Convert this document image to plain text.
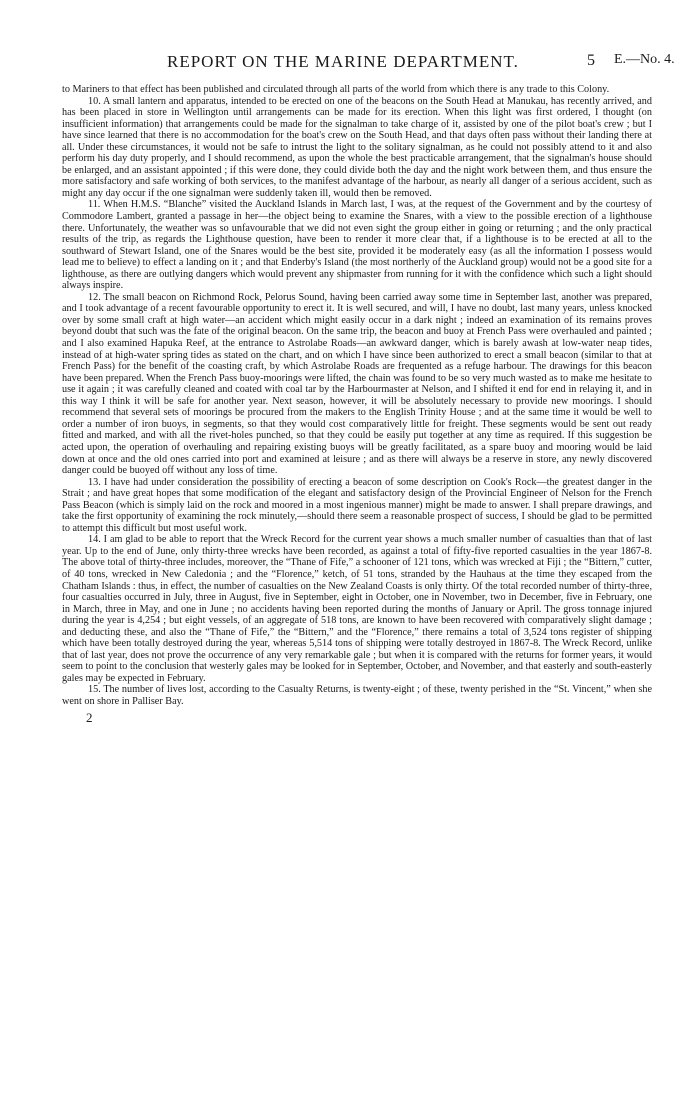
REPORT ON THE MARINE DEPARTMENT.	5 E.—No. 4.

to Mariners to that effect has been published and circulated through all parts of the world from which there is any trade to this Colony.

10. A small lantern and apparatus, intended to be erected on one of the beacons on the South Head at Manukau, has recently arrived, and has been placed in store in Wellington until arrangements can be made for its erection. When this light was first ordered, I thought (on insufficient information) that arrangements could be made for the signalman to take charge of it, assisted by one of the pilot boat's crew ; but I have since learned that there is no accommodation for the boat's crew on the South Head, and that days often pass without their landing there at all. Under these circumstances, it would not be safe to intrust the light to the solitary signalman, as he could not possibly attend to it and also perform his day duty properly, and I should recommend, as upon the whole the best practicable arrangement, that the signalman's house should be enlarged, and an assistant appointed ; if this were done, they could divide both the day and the night work between them, and thus ensure the more satisfactory and safe working of both services, to the manifest advantage of the harbour, as nearly all danger of a serious accident, such as might any day occur if the one signalman were suddenly taken ill, would then be removed.

11. When H.M.S. “Blanche” visited the Auckland Islands in March last, I was, at the request of the Government and by the courtesy of Commodore Lambert, granted a passage in her—the object being to examine the Snares, with a view to the possible erection of a lighthouse there. Unfortunately, the weather was so unfavourable that we did not even sight the group either in going or returning ; and the only practical results of the trip, as regards the Lighthouse question, have been to render it more clear that, if a lighthouse is to be erected at all to the southward of Stewart Island, one of the Snares would be the best site, provided it be moderately easy (as all the information I possess would lead me to believe) to effect a landing on it ; and that Enderby's Island (the most northerly of the Auckland group) would not be a good site for a lighthouse, as there are outlying dangers which would prevent any shipmaster from running for it with the confidence which such a light should always inspire.

12. The small beacon on Richmond Rock, Pelorus Sound, having been carried away some time in September last, another was prepared, and I took advantage of a recent favourable opportunity to erect it. It is well secured, and will, I have no doubt, last many years, unless knocked over by some small craft at high water—an accident which might easily occur in a dark night ; indeed an examination of its remains proves beyond doubt that such was the fate of the original beacon. On the same trip, the beacon and buoy at French Pass were overhauled and painted ; and I also examined Hapuka Reef, at the entrance to Astrolabe Roads—an awkward danger, which is barely awash at low-water neap tides, instead of at high-water spring tides as stated on the chart, and on which I have since been authorized to erect a small beacon (similar to that at French Pass) for the benefit of the coasting craft, by which Astrolabe Roads are frequented as a refuge harbour. The drawings for this beacon have been prepared. When the French Pass buoy-moorings were lifted, the chain was found to be so very much wasted as to make me hesitate to use it again ; it was carefully cleaned and coated with coal tar by the Harbourmaster at Nelson, and I shifted it end for end in relaying it, and in this way I think it will be safe for another year. Next season, however, it will be absolutely necessary to provide new moorings. I should recommend that several sets of moorings be procured from the makers to the English Trinity House ; and at the same time it would be well to order a number of iron buoys, in segments, so that they would cost comparatively little for freight. These segments would be sent out ready fitted and marked, and with all the rivet-holes punched, so that they could be easily put together at any time as required. If this suggestion be acted upon, the operation of overhauling and repairing existing buoys will be greatly facilitated, as a spare buoy and mooring would be laid down at once and the old ones carried into port and examined at leisure ; and as there will always be a reserve in store, any newly discovered danger could be buoyed off without any loss of time.

13. I have had under consideration the possibility of erecting a beacon of some description on Cook's Rock—the greatest danger in the Strait ; and have great hopes that some modification of the elegant and satisfactory design of the Provincial Engineer of Nelson for the French Pass Beacon (which is simply laid on the rock and moored in a most ingenious manner) might be made to answer. I shall prepare drawings, and take the first opportunity of examining the rock minutely,—should there seem a reasonable prospect of success, I should be glad to be permitted to attempt this difficult but most useful work.

14. I am glad to be able to report that the Wreck Record for the current year shows a much smaller number of casualties than that of last year. Up to the end of June, only thirty-three wrecks have been recorded, as against a total of fifty-five reported casualties in the year 1867-8. The above total of thirty-three includes, moreover, the “Thane of Fife,” a schooner of 121 tons, which was wrecked at Fiji ; the “Bittern,” cutter, of 40 tons, wrecked in New Caledonia ; and the “Florence,” ketch, of 51 tons, stranded by the Hauhaus at the time they escaped from the Chatham Islands : thus, in effect, the number of casualties on the New Zealand Coasts is only thirty. Of the total recorded number of thirty-three, four casualties occurred in July, three in August, five in September, eight in October, one in November, two in December, five in February, one in March, three in May, and one in June ; no accidents having been reported during the months of January or April. The gross tonnage injured during the year is 4,254 ; but eight vessels, of an aggregate of 518 tons, are known to have been recovered with comparatively slight damage ; and deducting these, and also the “Thane of Fife,” the “Bittern,” and the “Florence,” there remains a total of 3,524 tons register of shipping which have been totally destroyed during the year, whereas 5,514 tons of shipping were totally destroyed in 1867-8. The Wreck Record, unlike that of last year, does not prove the occurrence of any very remarkable gale ; but when it is compared with the returns for former years, it would seem to point to the conclusion that westerly gales may be looked for in September, October, and November, and that easterly and south-easterly gales may be expected in February.

15. The number of lives lost, according to the Casualty Returns, is twenty-eight ; of these, twenty perished in the “St. Vincent,” when she went on shore in Palliser Bay.

2
